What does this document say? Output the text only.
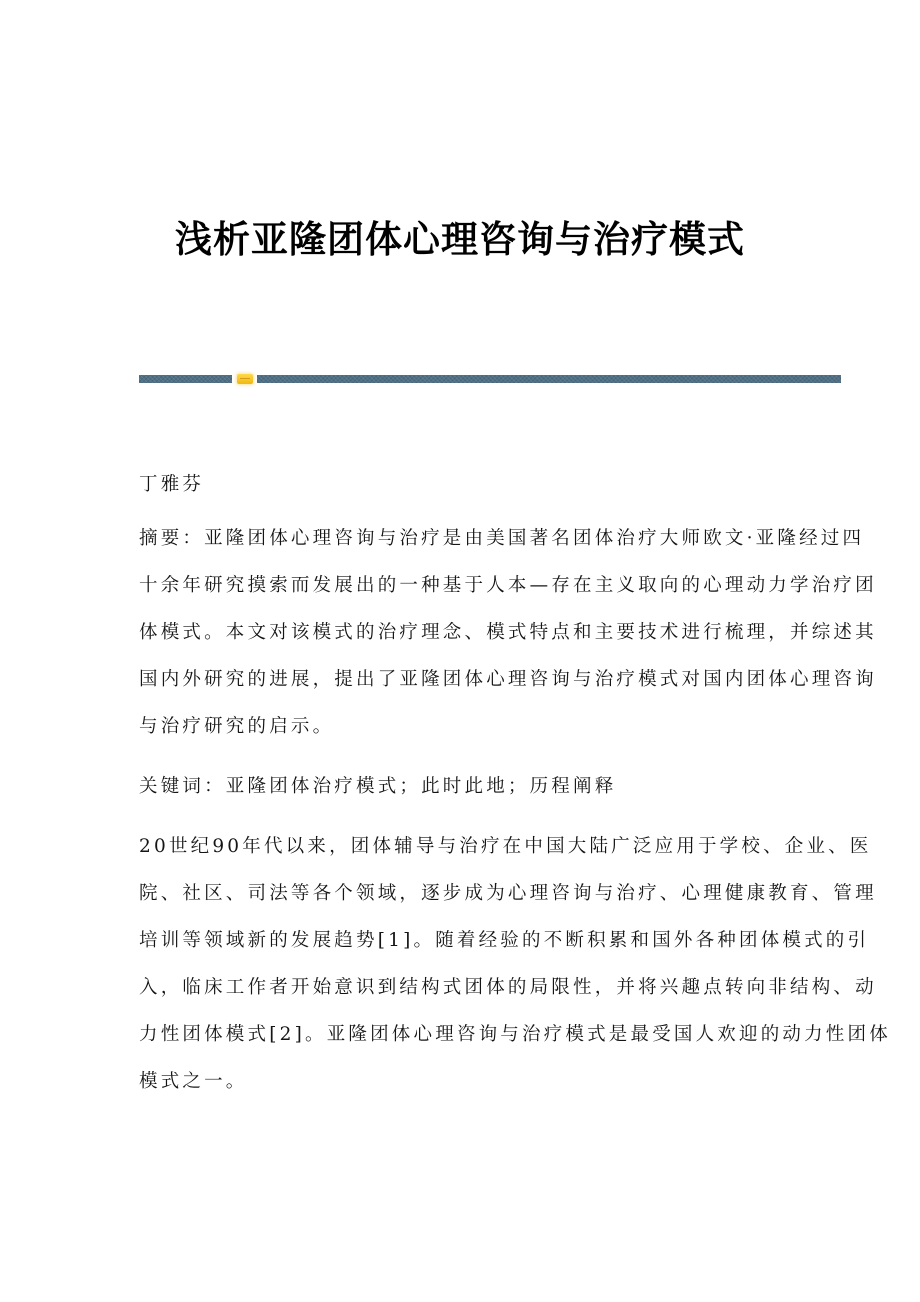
浅析亚隆团体心理咨询与治疗模式
丁雅芬
摘要：亚隆团体心理咨询与治疗是由美国著名团体治疗大师欧文·亚隆经过四
十余年研究摸索而发展出的一种基于人本—存在主义取向的心理动力学治疗团
体模式。本文对该模式的治疗理念、模式特点和主要技术进行梳理，并综述其
国内外研究的进展，提出了亚隆团体心理咨询与治疗模式对国内团体心理咨询
与治疗研究的启示。
关键词：亚隆团体治疗模式；此时此地；历程阐释
20世纪90年代以来，团体辅导与治疗在中国大陆广泛应用于学校、企业、医
院、社区、司法等各个领域，逐步成为心理咨询与治疗、心理健康教育、管理
培训等领域新的发展趋势[1]。随着经验的不断积累和国外各种团体模式的引
入，临床工作者开始意识到结构式团体的局限性，并将兴趣点转向非结构、动
力性团体模式[2]。亚隆团体心理咨询与治疗模式是最受国人欢迎的动力性团体
模式之一。
